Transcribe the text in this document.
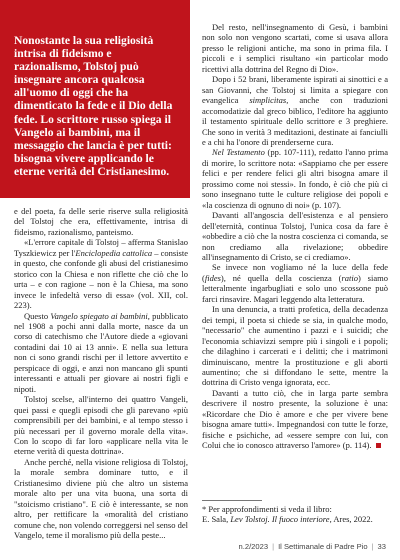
Nonostante la sua religiosità intrisa di fideismo e razionalismo, Tolstoj può insegnare ancora qualcosa all'uomo di oggi che ha dimenticato la fede e il Dio della fede. Lo scrittore russo spiega il Vangelo ai bambini, ma il messaggio che lancia è per tutti: bisogna vivere applicando le eterne verità del Cristianesimo.

e del poeta, fa delle serie riserve sulla religiosità del Tolstoj che era, effettivamente, intrisa di fideismo, razionalismo, panteismo.

«L'errore capitale di Tolstoj – afferma Stanislao Tyszkiewicz per l'Enciclopedia cattolica – consiste in questo, che confonde gli abusi del cristianesimo storico con la Chiesa e non riflette che ciò che lo urta – e con ragione – non è la Chiesa, ma sono invece le infedeltà verso di essa» (vol. XII, col. 223).

Questo Vangelo spiegato ai bambini, pubblicato nel 1908 a pochi anni dalla morte, nasce da un corso di catechismo che l'Autore diede a «giovani contadini dai 10 ai 13 anni». E nella sua lettura non ci sono grandi rischi per il lettore avvertito e perspicace di oggi, e anzi non mancano gli spunti interessanti e attuali per giovare ai nostri figli e nipoti.

Tolstoj scelse, all'interno dei quattro Vangeli, quei passi e quegli episodi che gli parevano «più comprensibili per dei bambini, e al tempo stesso i più necessari per il governo morale della vita». Con lo scopo di far loro «applicare nella vita le eterne verità di questa dottrina».

Anche perché, nella visione religiosa di Tolstoj, la morale sembra dominare tutto, e il Cristianesimo diviene più che altro un sistema morale alto per una vita buona, una sorta di "stoicismo cristiano". E ciò è interessante, se non altro, per rettificare la «moralità del cristiano comune che, non volendo correggersi nel senso del Vangelo, teme il moralismo più della peste...

Del resto, nell'insegnamento di Gesù, i bambini non solo non vengono scartati, come si usava allora presso le religioni antiche, ma sono in prima fila. I piccoli e i semplici risultano «in particolar modo ricettivi alla dottrina del Regno di Dio».

Dopo i 52 brani, liberamente ispirati ai sinottici e a san Giovanni, che Tolstoj si limita a spiegare con evangelica simplicitas, anche con traduzioni accomodatizie dal greco biblico, l'editore ha aggiunto il testamento spirituale dello scrittore e 3 preghiere. Che sono in verità 3 meditazioni, destinate ai fanciulli e a chi ha l'onore di prenderserne cura.

Nel Testamento (pp. 107-111), redatto l'anno prima di morire, lo scrittore nota: «Sappiamo che per essere felici e per rendere felici gli altri bisogna amare il prossimo come noi stessi». In fondo, è ciò che più ci sono insegnano tutte le culture religiose dei popoli e «la coscienza di ognuno di noi» (p. 107).

Davanti all'angoscia dell'esistenza e al pensiero dell'eternità, continua Tolstoj, l'unica cosa da fare è «obbedire a ciò che la nostra coscienza ci comanda, se non crediamo alla rivelazione; obbedire all'insegnamento di Cristo, se ci crediamo».

Se invece non vogliamo né la luce della fede (fides), né quella della coscienza (ratio) siamo letteralmente ingarbugliati e solo uno scossone può farci rinsavire. Magari leggendo alta letteratura.

In una denuncia, a tratti profetica, della decadenza dei tempi, il poeta si chiede se sia, in qualche modo, "necessario" che aumentino i pazzi e i suicidi; che l'economia schiavizzi sempre più i singoli e i popoli; che dilaghino i carcerati e i delitti; che i matrimoni diminuiscano, mentre la prostituzione e gli aborti aumentino; che si diffondano le sette, mentre la dottrina di Cristo venga ignorata, ecc.

Davanti a tutto ciò, che in larga parte sembra descrivere il nostro presente, la soluzione è una: «Ricordare che Dio è amore e che per vivere bene bisogna amare tutti». Impegnandosi con tutte le forze, fisiche e psichiche, ad «essere sempre con lui, con Colui che io conosco attraverso l'amore» (p. 114).

* Per approfondimenti si veda il libro:
E. Sala, Lev Tolstoj. Il fuoco interiore, Ares, 2022.
n.2/2023 | Il Settimanale di Padre Pio | 33
